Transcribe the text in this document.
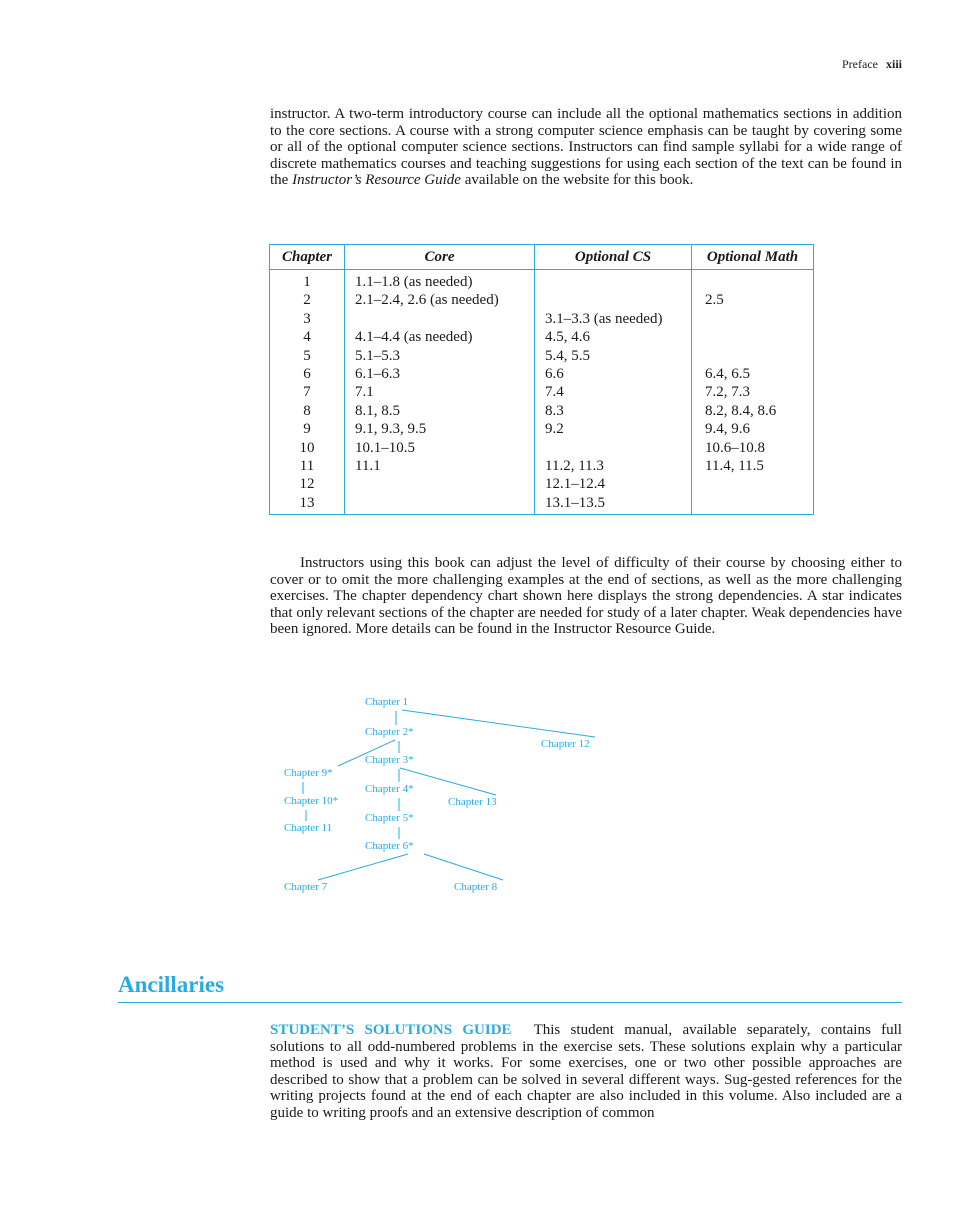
Preface xiii

instructor. A two-term introductory course can include all the optional mathematics sections in addition to the core sections. A course with a strong computer science emphasis can be taught by covering some or all of the optional computer science sections. Instructors can find sample syllabi for a wide range of discrete mathematics courses and teaching suggestions for using each section of the text can be found in the Instructor’s Resource Guide available on the website for this book.

Chapter	Core	Optional CS	Optional Math
1	1.1–1.8 (as needed)		
2	2.1–2.4, 2.6 (as needed)		2.5
3		3.1–3.3 (as needed)	
4	4.1–4.4 (as needed)	4.5, 4.6	
5	5.1–5.3	5.4, 5.5	
6	6.1–6.3	6.6	6.4, 6.5
7	7.1	7.4	7.2, 7.3
8	8.1, 8.5	8.3	8.2, 8.4, 8.6
9	9.1, 9.3, 9.5	9.2	9.4, 9.6
10	10.1–10.5		10.6–10.8
11	11.1	11.2, 11.3	11.4, 11.5
12		12.1–12.4	
13		13.1–13.5	

Instructors using this book can adjust the level of difficulty of their course by choosing either to cover or to omit the more challenging examples at the end of sections, as well as the more challenging exercises. The chapter dependency chart shown here displays the strong dependencies. A star indicates that only relevant sections of the chapter are needed for study of a later chapter. Weak dependencies have been ignored. More details can be found in the Instructor Resource Guide.

Chapter 1
Chapter 2*
Chapter 3*
Chapter 4*
Chapter 5*
Chapter 6*
Chapter 7	Chapter 8
Chapter 9*
Chapter 10*
Chapter 11
Chapter 12
Chapter 13
Ancillaries

STUDENT’S SOLUTIONS GUIDE This student manual, available separately, contains full solutions to all odd-numbered problems in the exercise sets. These solutions explain why a particular method is used and why it works. For some exercises, one or two other possible approaches are described to show that a problem can be solved in several different ways. Sug-gested references for the writing projects found at the end of each chapter are also included in this volume. Also included are a guide to writing proofs and an extensive description of common
